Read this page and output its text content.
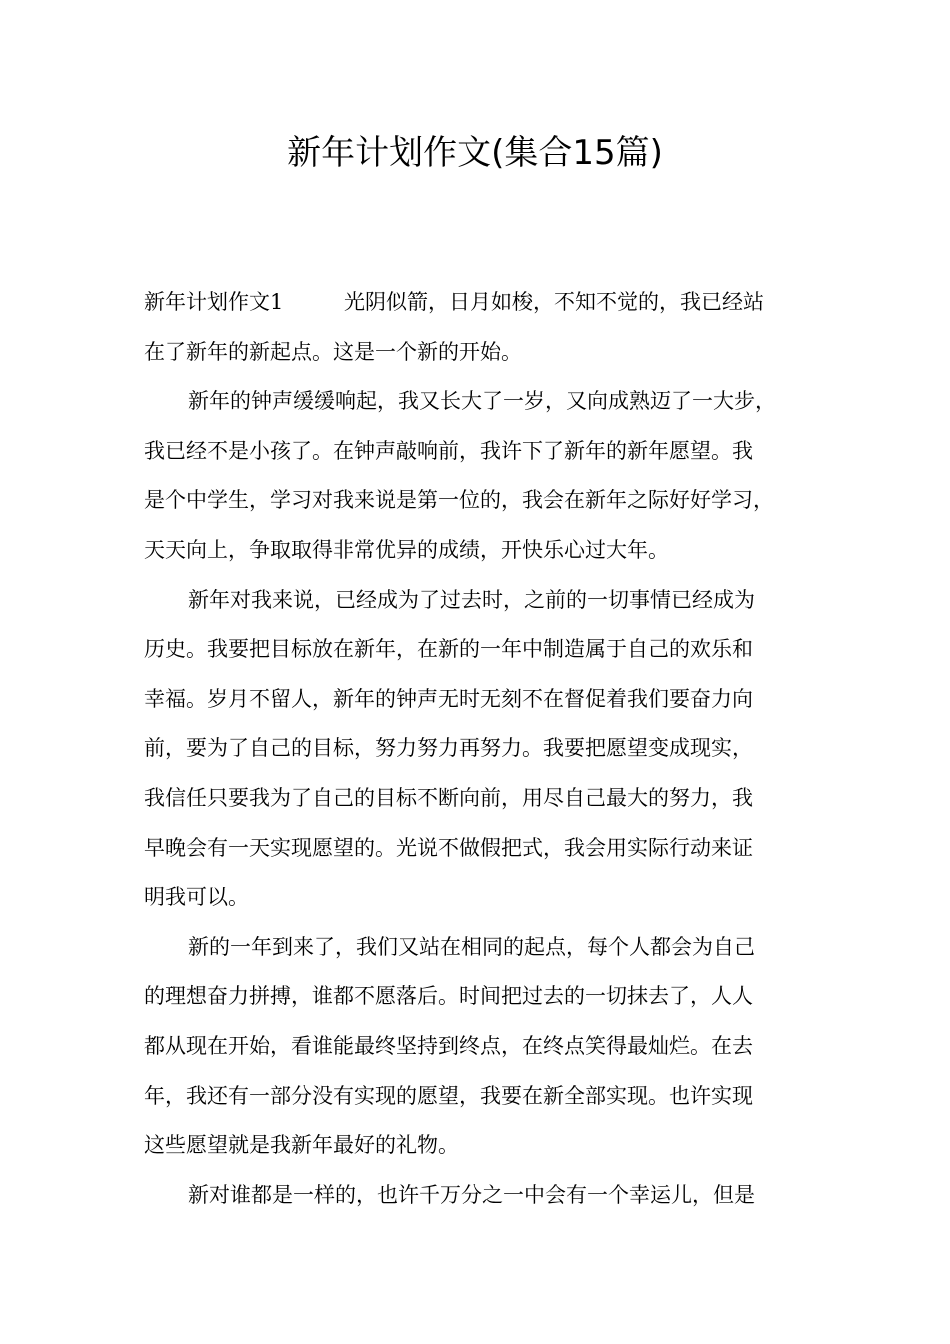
新年计划作文(集合15篇)
新年计划作文1	光阴似箭，日月如梭，不知不觉的，我已经站
在了新年的新起点。这是一个新的开始。
新年的钟声缓缓响起，我又长大了一岁，又向成熟迈了一大步，
我已经不是小孩了。在钟声敲响前，我许下了新年的新年愿望。我
是个中学生，学习对我来说是第一位的，我会在新年之际好好学习，
天天向上，争取取得非常优异的成绩，开快乐心过大年。
新年对我来说，已经成为了过去时，之前的一切事情已经成为
历史。我要把目标放在新年，在新的一年中制造属于自己的欢乐和
幸福。岁月不留人，新年的钟声无时无刻不在督促着我们要奋力向
前，要为了自己的目标，努力努力再努力。我要把愿望变成现实，
我信任只要我为了自己的目标不断向前，用尽自己最大的努力，我
早晚会有一天实现愿望的。光说不做假把式，我会用实际行动来证
明我可以。
新的一年到来了，我们又站在相同的起点，每个人都会为自己
的理想奋力拼搏，谁都不愿落后。时间把过去的一切抹去了，人人
都从现在开始，看谁能最终坚持到终点，在终点笑得最灿烂。在去
年，我还有一部分没有实现的愿望，我要在新全部实现。也许实现
这些愿望就是我新年最好的礼物。
新对谁都是一样的，也许千万分之一中会有一个幸运儿，但是
